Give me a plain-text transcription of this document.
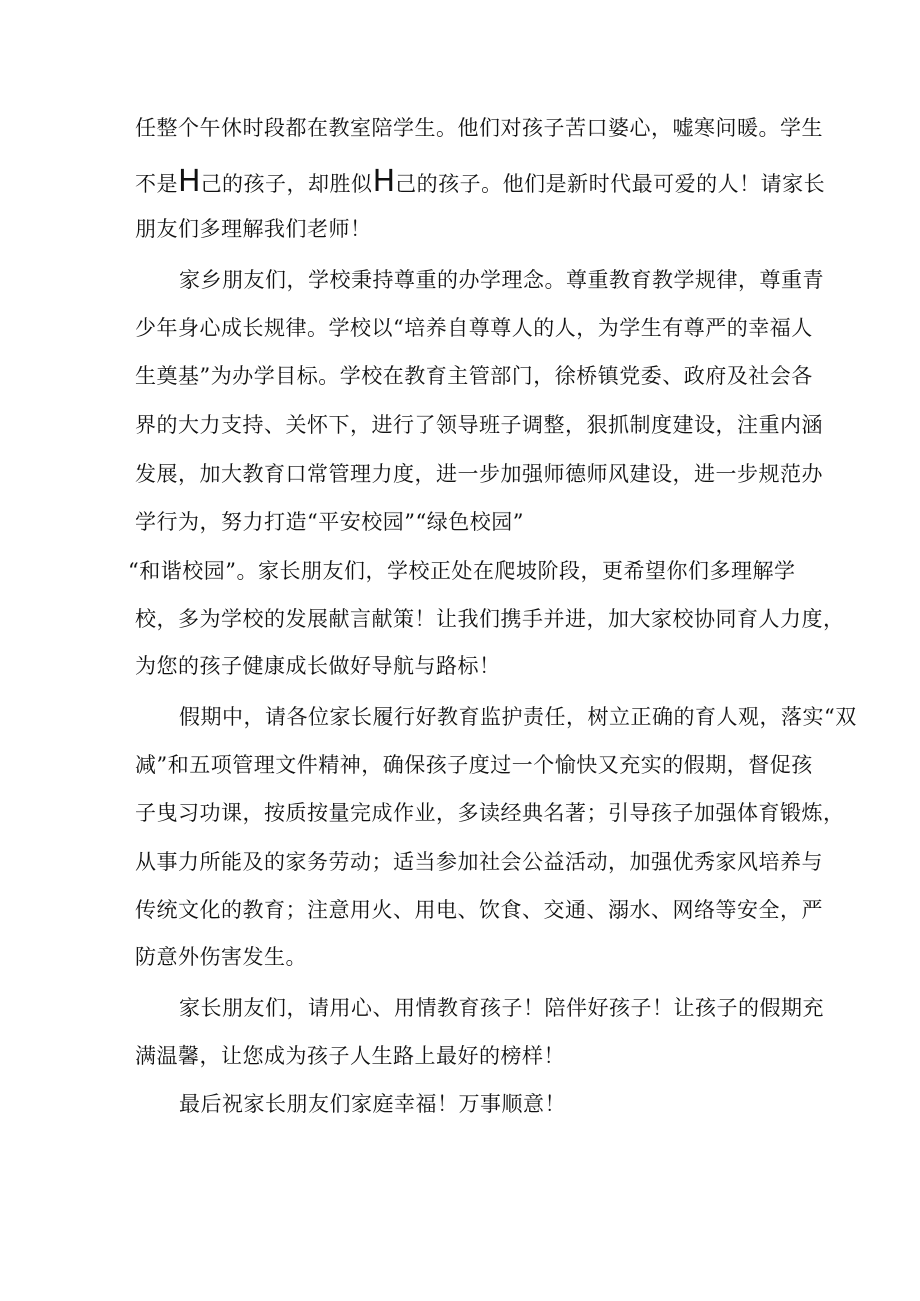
任整个午休时段都在教室陪学生。他们对孩子苦口婆心，嘘寒问暖。学生
不是H己的孩子，却胜似H己的孩子。他们是新时代最可爱的人！请家长
朋友们多理解我们老师！
家乡朋友们，学校秉持尊重的办学理念。尊重教育教学规律，尊重青
少年身心成长规律。学校以“培养自尊尊人的人，为学生有尊严的幸福人
生奠基”为办学目标。学校在教育主管部门，徐桥镇党委、政府及社会各
界的大力支持、关怀下，进行了领导班子调整，狠抓制度建设，注重内涵
发展，加大教育口常管理力度，进一步加强师德师风建设，进一步规范办
学行为，努力打造“平安校园”“绿色校园”
“和谐校园”。家长朋友们，学校正处在爬坡阶段，更希望你们多理解学
校，多为学校的发展献言献策！让我们携手并进，加大家校协同育人力度，
为您的孩子健康成长做好导航与路标！
假期中，请各位家长履行好教育监护责任，树立正确的育人观，落实“双
减”和五项管理文件精神，确保孩子度过一个愉快又充实的假期，督促孩
子曳习功课，按质按量完成作业，多读经典名著；引导孩子加强体育锻炼，
从事力所能及的家务劳动；适当参加社会公益活动，加强优秀家风培养与
传统文化的教育；注意用火、用电、饮食、交通、溺水、网络等安全，严
防意外伤害发生。
家长朋友们，请用心、用情教育孩子！陪伴好孩子！让孩子的假期充
满温馨，让您成为孩子人生路上最好的榜样！
最后祝家长朋友们家庭幸福！万事顺意！
